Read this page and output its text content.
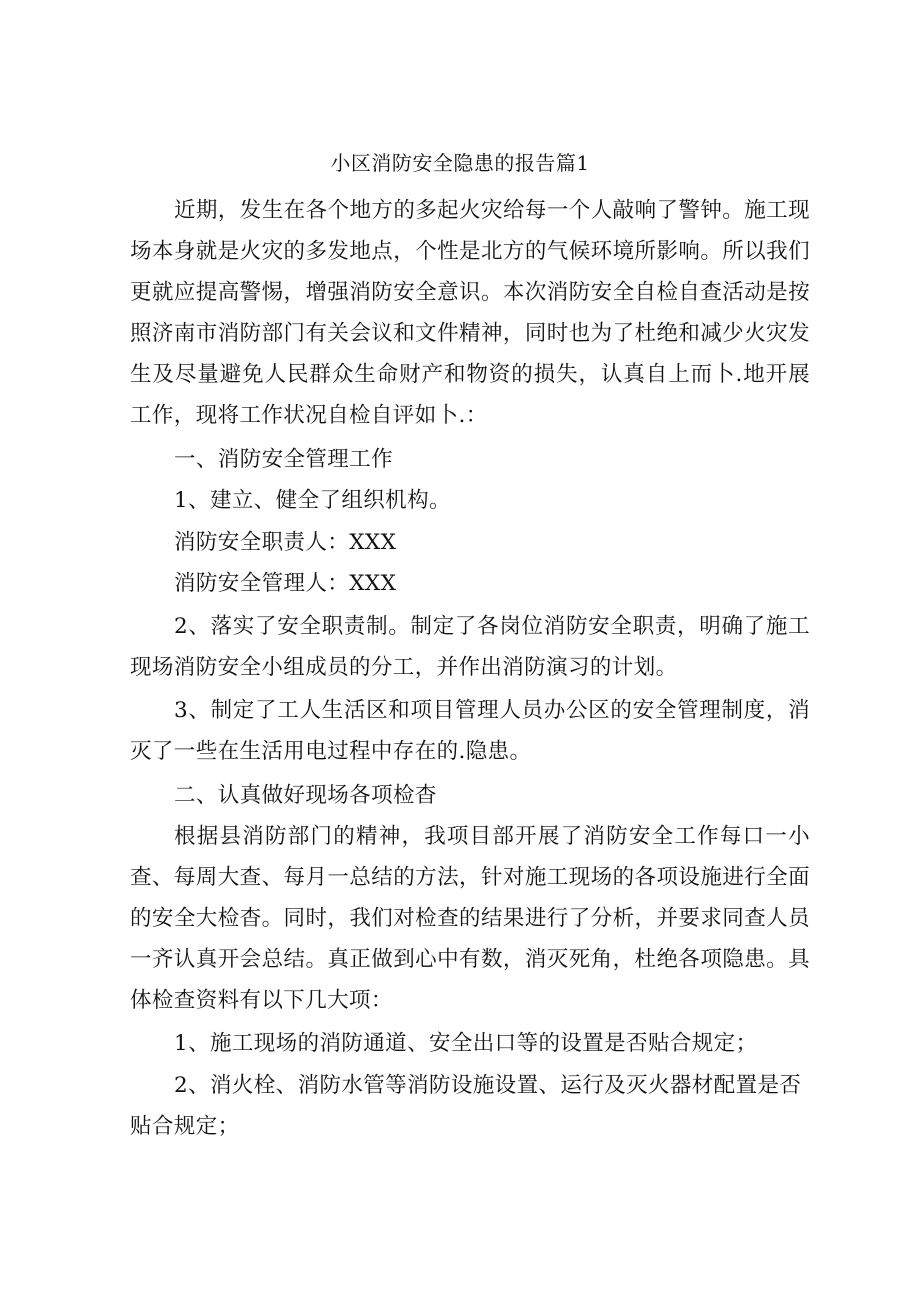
小区消防安全隐患的报告篇1

近期，发生在各个地方的多起火灾给每一个人敲响了警钟。施工现场本身就是火灾的多发地点，个性是北方的气候环境所影响。所以我们更就应提高警惕，增强消防安全意识。本次消防安全自检自查活动是按照济南市消防部门有关会议和文件精神，同时也为了杜绝和减少火灾发生及尽量避免人民群众生命财产和物资的损失，认真自上而卜.地开展工作，现将工作状况自检自评如卜.：

一、消防安全管理工作
1、建立、健全了组织机构。
消防安全职责人：XXX
消防安全管理人：XXX

2、落实了安全职责制。制定了各岗位消防安全职责，明确了施工现场消防安全小组成员的分工，并作出消防演习的计划。

3、制定了工人生活区和项目管理人员办公区的安全管理制度，消灭了一些在生活用电过程中存在的.隐患。

二、认真做好现场各项检杳

根据县消防部门的精神，我项目部开展了消防安全工作每口一小查、每周大查、每月一总结的方法，针对施工现场的各项设施进行全面的安全大检杳。同时，我们对检查的结果进行了分析，并要求同查人员一齐认真开会总结。真正做到心中有数，消灭死角，杜绝各项隐患。具体检查资料有以下几大项：

1、施工现场的消防通道、安全出口等的设置是否贴合规定；
2、消火栓、消防水管等消防设施设置、运行及灭火器材配置是否
贴合规定；
